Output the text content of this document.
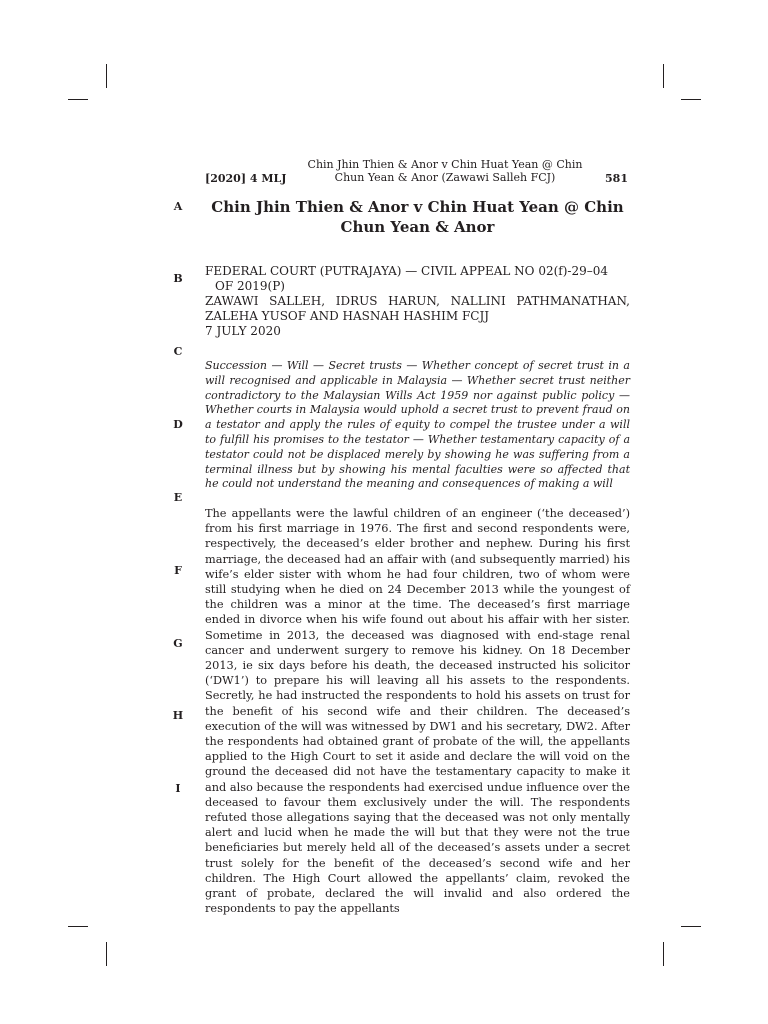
Chin Jhin Thien & Anor v Chin Huat Yean @ Chin Chun Yean & Anor (Zawawi Salleh FCJ)
[2020] 4 MLJ	581
A
B
C
D
E
F
G
H
I
Chin Jhin Thien & Anor v Chin Huat Yean @ Chin Chun Yean & Anor
FEDERAL COURT (PUTRAJAYA) — CIVIL APPEAL NO 02(f)-29–04
OF 2019(P)
ZAWAWI SALLEH, IDRUS HARUN, NALLINI PATHMANATHAN, ZALEHA YUSOF AND HASNAH HASHIM FCJJ
7 JULY 2020
Succession — Will — Secret trusts — Whether concept of secret trust in a will recognised and applicable in Malaysia — Whether secret trust neither contradictory to the Malaysian Wills Act 1959 nor against public policy — Whether courts in Malaysia would uphold a secret trust to prevent fraud on a testator and apply the rules of equity to compel the trustee under a will to fulfill his promises to the testator — Whether testamentary capacity of a testator could not be displaced merely by showing he was suffering from a terminal illness but by showing his mental faculties were so affected that he could not understand the meaning and consequences of making a will
The appellants were the lawful children of an engineer (‘the deceased’) from his first marriage in 1976. The first and second respondents were, respectively, the deceased’s elder brother and nephew. During his first marriage, the deceased had an affair with (and subsequently married) his wife’s elder sister with whom he had four children, two of whom were still studying when he died on 24 December 2013 while the youngest of the children was a minor at the time. The deceased’s first marriage ended in divorce when his wife found out about his affair with her sister. Sometime in 2013, the deceased was diagnosed with end-stage renal cancer and underwent surgery to remove his kidney. On 18 December 2013, ie six days before his death, the deceased instructed his solicitor (‘DW1’) to prepare his will leaving all his assets to the respondents. Secretly, he had instructed the respondents to hold his assets on trust for the benefit of his second wife and their children. The deceased’s execution of the will was witnessed by DW1 and his secretary, DW2. After the respondents had obtained grant of probate of the will, the appellants applied to the High Court to set it aside and declare the will void on the ground the deceased did not have the testamentary capacity to make it and also because the respondents had exercised undue influence over the deceased to favour them exclusively under the will. The respondents refuted those allegations saying that the deceased was not only mentally alert and lucid when he made the will but that they were not the true beneficiaries but merely held all of the deceased’s assets under a secret trust solely for the benefit of the deceased’s second wife and her children. The High Court allowed the appellants’ claim, revoked the grant of probate, declared the will invalid and also ordered the respondents to pay the appellants
